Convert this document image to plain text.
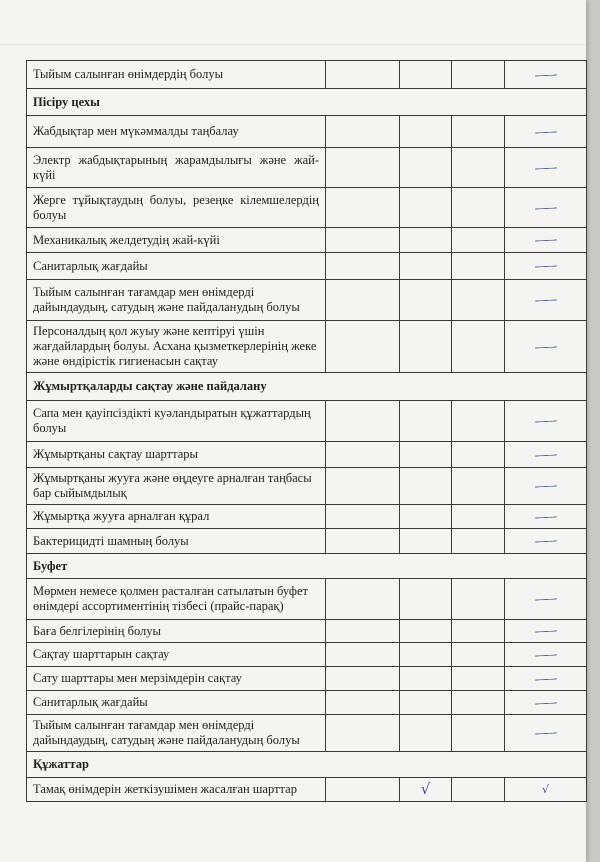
Тыйым салынған өнімдердің болуы				
Пісіру цехы				
Жабдықтар мен мүкәммалды таңбалау				
Электр жабдықтарының жарамдылығы және жай-күйі				
Жерге тұйықтаудың болуы, резеңке кілемшелердің болуы				
Механикалық желдетудің жай-күйі				
Санитарлық жағдайы				
Тыйым салынған тағамдар мен өнімдерді дайындаудың, сатудың және пайдаланудың болуы				
Персоналдың қол жуыу және кептіруі үшін жағдайлардың болуы. Асхана қызметкерлерінің жеке және өндірістік гигиенасын сақтау				
Жұмыртқаларды сақтау және пайдалану				
Сапа мен қауіпсіздікті куәландыратын құжаттардың болуы				
Жұмыртқаны сақтау шарттары				
Жұмыртқаны жууға және өңдеуге арналған таңбасы бар сыйымдылық				
Жұмыртқа жууға арналған құрал				
Бактерицидті шамның болуы				
Буфет				
Мөрмен немесе қолмен расталған сатылатын буфет өнімдері ассортиментінің тізбесі (прайс-парақ)				
Баға белгілерінің болуы				
Сақтау шарттарын сақтау				
Сату шарттары мен мерзімдерін сақтау				
Санитарлық жағдайы				
Тыйым салынған тағамдар мен өнімдерді дайындаудың, сатудың және пайдаланудың болуы				
Құжаттар				
Тамақ өнімдерін жеткізушімен жасалған шарттар		√		√
